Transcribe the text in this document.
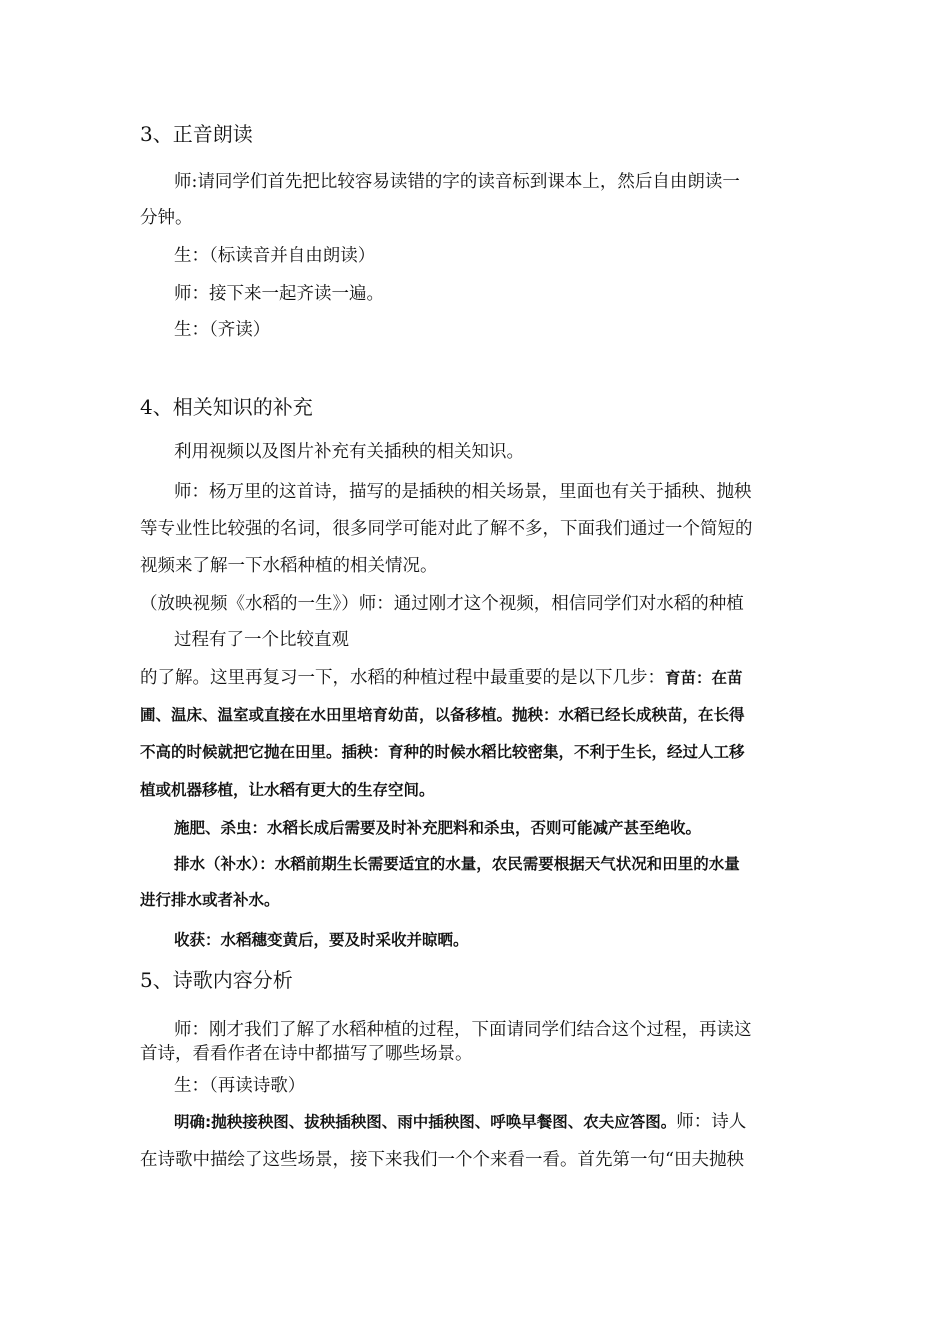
3、正音朗读
师:请同学们首先把比较容易读错的字的读音标到课本上，然后自由朗读一
分钟。
生：（标读音并自由朗读）
师：接下来一起齐读一遍。
生：（齐读）
4、相关知识的补充
利用视频以及图片补充有关插秧的相关知识。
师：杨万里的这首诗，描写的是插秧的相关场景，里面也有关于插秧、抛秧
等专业性比较强的名词，很多同学可能对此了解不多，下面我们通过一个简短的
视频来了解一下水稻种植的相关情况。
（放映视频《水稻的一生》）师：通过刚才这个视频，相信同学们对水稻的种植
过程有了一个比较直观
的了解。这里再复习一下，水稻的种植过程中最重要的是以下几步：育苗：在苗
圃、温床、温室或直接在水田里培育幼苗，以备移植。抛秧：水稻已经长成秧苗，在长得
不高的时候就把它抛在田里。插秧：育种的时候水稻比较密集，不利于生长，经过人工移
植或机器移植，让水稻有更大的生存空间。
施肥、杀虫：水稻长成后需要及时补充肥料和杀虫，否则可能减产甚至绝收。
排水（补水）：水稻前期生长需要适宜的水量，农民需要根据天气状况和田里的水量
进行排水或者补水。
收获：水稻穗变黄后，要及时采收并晾晒。
5、诗歌内容分析
师：刚才我们了解了水稻种植的过程，下面请同学们结合这个过程，再读这
首诗，看看作者在诗中都描写了哪些场景。
生：（再读诗歌）
明确:抛秧接秧图、拔秧插秧图、雨中插秧图、呼唤早餐图、农夫应答图。师：诗人
在诗歌中描绘了这些场景，接下来我们一个个来看一看。首先第一句“田夫抛秧
